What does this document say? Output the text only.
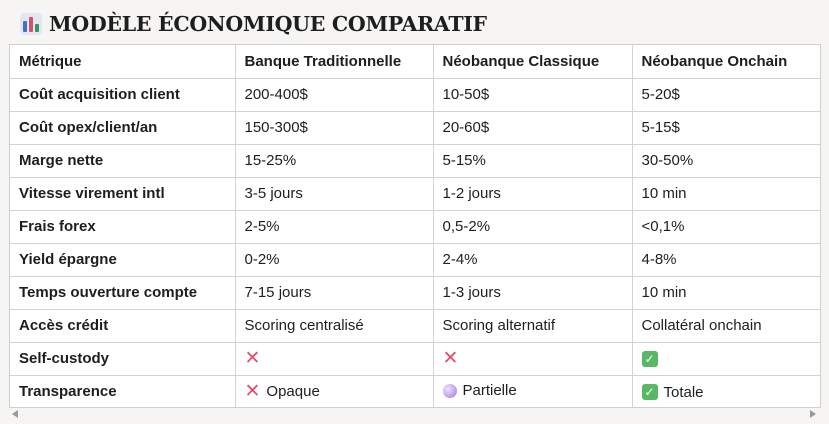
MODÈLE ÉCONOMIQUE COMPARATIF
Métrique	Banque Traditionnelle	Néobanque Classique	Néobanque Onchain
Coût acquisition client	200-400$	10-50$	5-20$

Coût opex/client/an	150-300$	20-60$	5-15$

Marge nette	15-25%	5-15%	30-50%

Vitesse virement intl	3-5 jours	1-2 jours	10 min

Frais forex	2-5%	0,5-2%	<0,1%

Yield épargne	0-2%	2-4%	4-8%

Temps ouverture compte	7-15 jours	1-3 jours	10 min

Accès crédit	Scoring centralisé	Scoring alternatif	Collatéral onchain

Self-custody	✕	✕	✓

Transparence	✕ Opaque	Partielle	✓ Totale
